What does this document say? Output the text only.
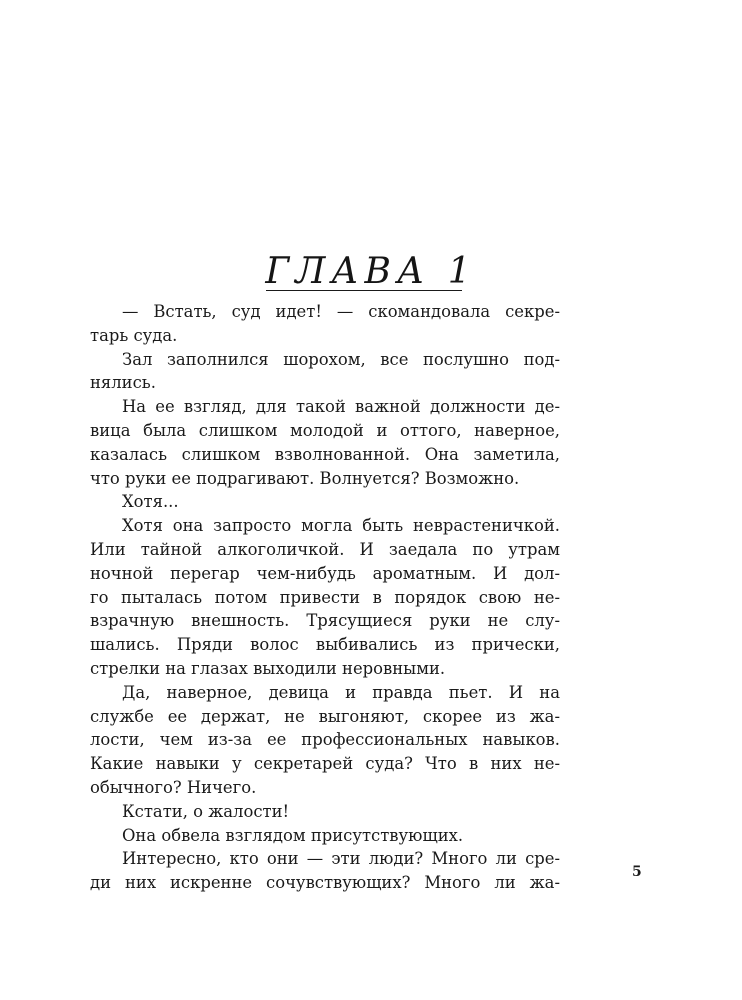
ГЛАВА 1
— Встать, суд идет! — скомандовала секре-
тарь суда.
Зал заполнился шорохом, все послушно под-
нялись.
На ее взгляд, для такой важной должности де-
вица была слишком молодой и оттого, наверное,
казалась слишком взволнованной. Она заметила,
что руки ее подрагивают. Волнуется? Возможно.
Хотя...
Хотя она запросто могла быть неврастеничкой.
Или тайной алкоголичкой. И заедала по утрам
ночной перегар чем-нибудь ароматным. И дол-
го пыталась потом привести в порядок свою не-
взрачную внешность. Трясущиеся руки не слу-
шались. Пряди волос выбивались из прически,
стрелки на глазах выходили неровными.
Да, наверное, девица и правда пьет. И на
службе ее держат, не выгоняют, скорее из жа-
лости, чем из-за ее профессиональных навыков.
Какие навыки у секретарей суда? Что в них не-
обычного? Ничего.
Кстати, о жалости!
Она обвела взглядом присутствующих.
Интересно, кто они — эти люди? Много ли сре-
ди них искренне сочувствующих? Много ли жа-
5
